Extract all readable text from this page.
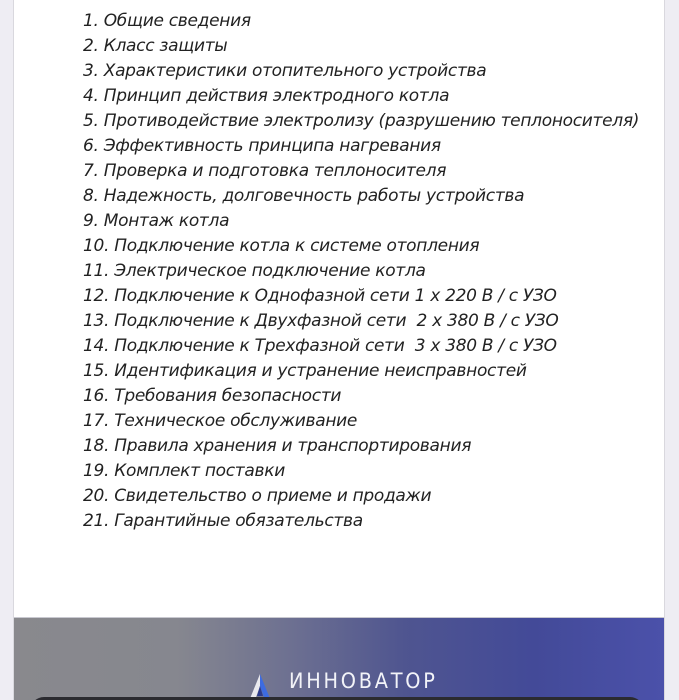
1. Общие сведения
2. Класс защиты
3. Характеристики отопительного устройства
4. Принцип действия электродного котла
5. Противодействие электролизу (разрушению теплоносителя)
6. Эффективность принципа нагревания
7. Проверка и подготовка теплоносителя
8. Надежность, долговечность работы устройства
9. Монтаж котла
10. Подключение котла к системе отопления
11. Электрическое подключение котла
12. Подключение к Однофазной сети 1 x 220 В / с УЗО
13. Подключение к Двухфазной сети  2 x 380 В / с УЗО
14. Подключение к Трехфазной сети  3 x 380 В / с УЗО
15. Идентификация и устранение неисправностей
16. Требования безопасности
17. Техническое обслуживание
18. Правила хранения и транспортирования
19. Комплект поставки
20. Свидетельство о приеме и продажи
21. Гарантийные обязательства
ИННОВАТОР
